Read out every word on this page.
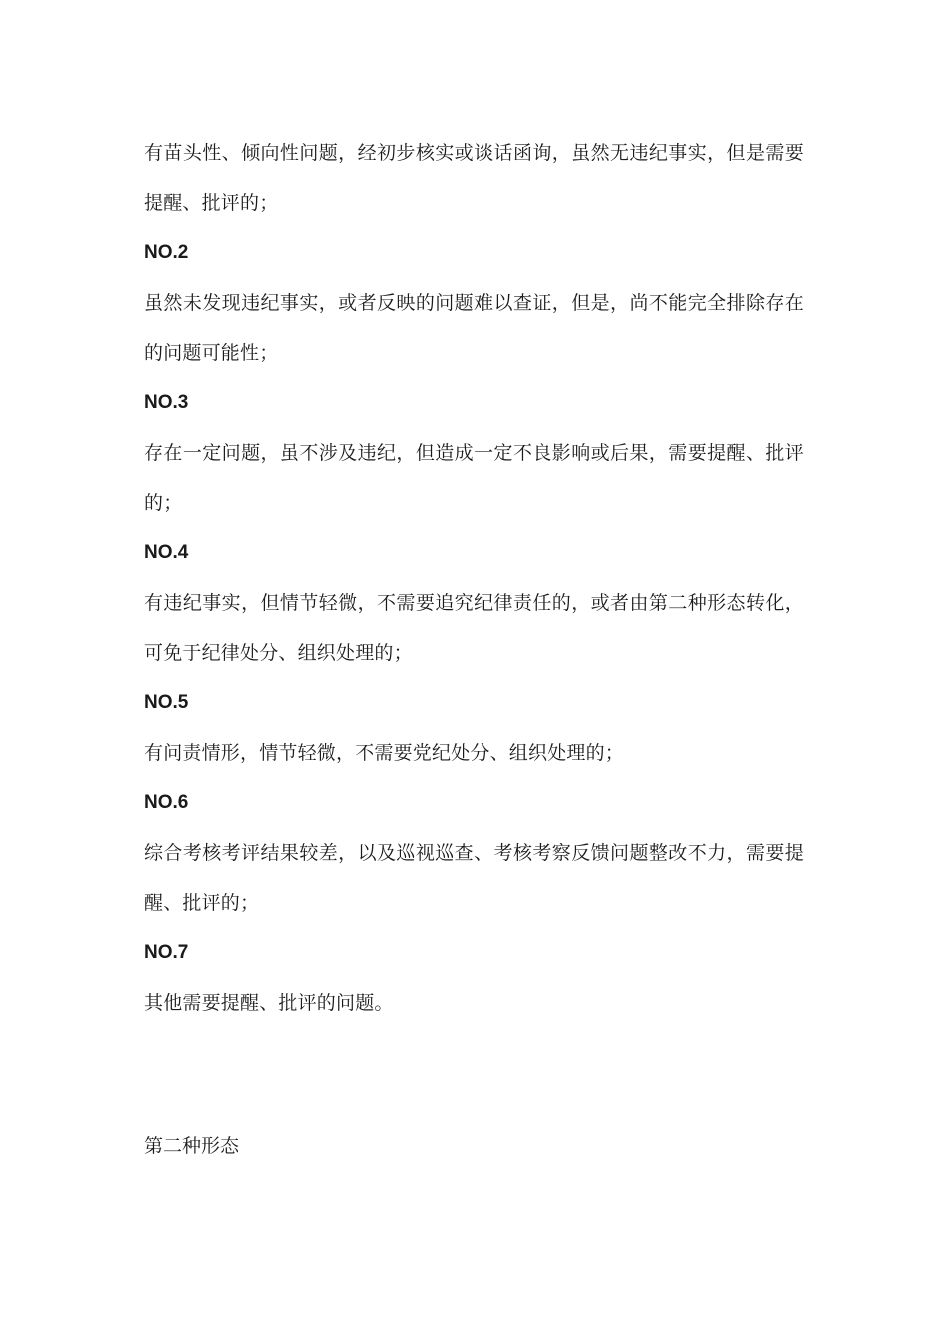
有苗头性、倾向性问题，经初步核实或谈话函询，虽然无违纪事实，但是需要提醒、批评的；

NO.2

虽然未发现违纪事实，或者反映的问题难以查证，但是，尚不能完全排除存在的问题可能性；

NO.3

存在一定问题，虽不涉及违纪，但造成一定不良影响或后果，需要提醒、批评的；

NO.4

有违纪事实，但情节轻微，不需要追究纪律责任的，或者由第二种形态转化，可免于纪律处分、组织处理的；

NO.5

有问责情形，情节轻微，不需要党纪处分、组织处理的；

NO.6

综合考核考评结果较差，以及巡视巡查、考核考察反馈问题整改不力，需要提醒、批评的；

NO.7

其他需要提醒、批评的问题。

第二种形态
